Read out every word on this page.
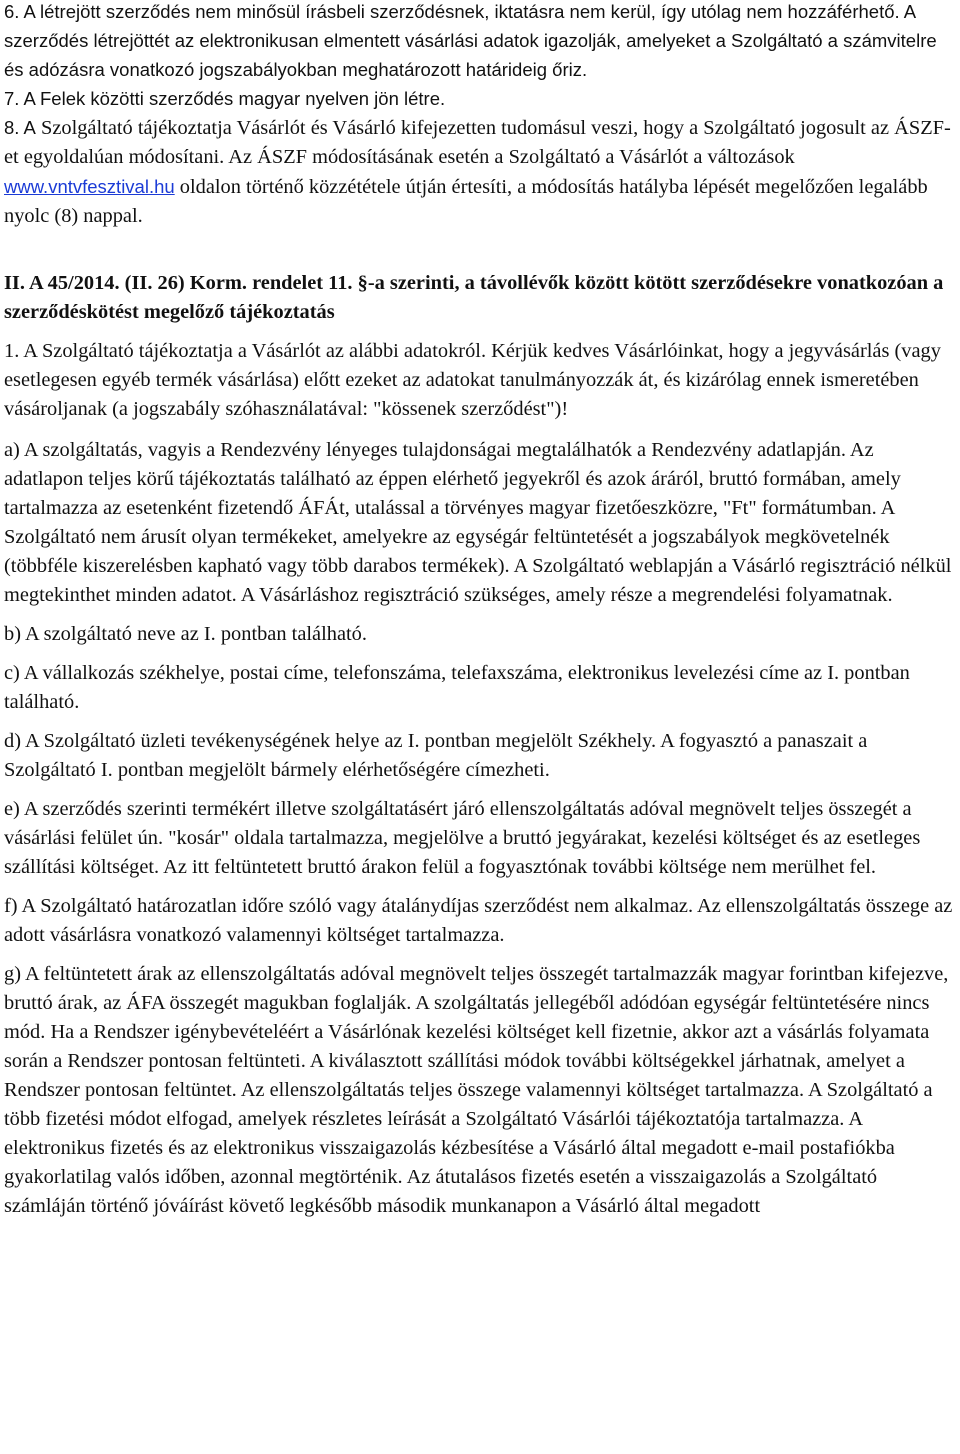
6. A létrejött szerződés nem minősül írásbeli szerződésnek, iktatásra nem kerül, így utólag nem hozzáférhető. A szerződés létrejöttét az elektronikusan elmentett vásárlási adatok igazolják, amelyeket a Szolgáltató a számvitelre és adózásra vonatkozó jogszabályokban meghatározott határideig őriz.

7. A Felek közötti szerződés magyar nyelven jön létre.

8. A Szolgáltató tájékoztatja Vásárlót és Vásárló kifejezetten tudomásul veszi, hogy a Szolgáltató jogosult az ÁSZF-et egyoldalúan módosítani. Az ÁSZF módosításának esetén a Szolgáltató a Vásárlót a változások www.vntvfesztival.hu oldalon történő közzététele útján értesíti, a módosítás hatályba lépését megelőzően legalább nyolc (8) nappal.

II. A 45/2014. (II. 26) Korm. rendelet 11. §-a szerinti, a távollévők között kötött szerződésekre vonatkozóan a szerződéskötést megelőző tájékoztatás

1. A Szolgáltató tájékoztatja a Vásárlót az alábbi adatokról. Kérjük kedves Vásárlóinkat, hogy a jegyvásárlás (vagy esetlegesen egyéb termék vásárlása) előtt ezeket az adatokat tanulmányozzák át, és kizárólag ennek ismeretében vásároljanak (a jogszabály szóhasználatával: "kössenek szerződést")!

a) A szolgáltatás, vagyis a Rendezvény lényeges tulajdonságai megtalálhatók a Rendezvény adatlapján. Az adatlapon teljes körű tájékoztatás található az éppen elérhető jegyekről és azok áráról, bruttó formában, amely tartalmazza az esetenként fizetendő ÁFÁt, utalással a törvényes magyar fizetőeszközre, "Ft" formátumban. A Szolgáltató nem árusít olyan termékeket, amelyekre az egységár feltüntetését a jogszabályok megkövetelnék (többféle kiszerelésben kapható vagy több darabos termékek). A Szolgáltató weblapján a Vásárló regisztráció nélkül megtekinthet minden adatot. A Vásárláshoz regisztráció szükséges, amely része a megrendelési folyamatnak.

b) A szolgáltató neve az I. pontban található.

c) A vállalkozás székhelye, postai címe, telefonszáma, telefaxszáma, elektronikus levelezési címe az I. pontban található.

d) A Szolgáltató üzleti tevékenységének helye az I. pontban megjelölt Székhely. A fogyasztó a panaszait a Szolgáltató I. pontban megjelölt bármely elérhetőségére címezheti.

e) A szerződés szerinti termékért illetve szolgáltatásért járó ellenszolgáltatás adóval megnövelt teljes összegét a vásárlási felület ún. "kosár" oldala tartalmazza, megjelölve a bruttó jegyárakat, kezelési költséget és az esetleges szállítási költséget. Az itt feltüntetett bruttó árakon felül a fogyasztónak további költsége nem merülhet fel.

f) A Szolgáltató határozatlan időre szóló vagy átalánydíjas szerződést nem alkalmaz. Az ellenszolgáltatás összege az adott vásárlásra vonatkozó valamennyi költséget tartalmazza.

g) A feltüntetett árak az ellenszolgáltatás adóval megnövelt teljes összegét tartalmazzák magyar forintban kifejezve, bruttó árak, az ÁFA összegét magukban foglalják. A szolgáltatás jellegéből adódóan egységár feltüntetésére nincs mód. Ha a Rendszer igénybevételéért a Vásárlónak kezelési költséget kell fizetnie, akkor azt a vásárlás folyamata során a Rendszer pontosan feltünteti. A kiválasztott szállítási módok további költségekkel járhatnak, amelyet a Rendszer pontosan feltüntet. Az ellenszolgáltatás teljes összege valamennyi költséget tartalmazza. A Szolgáltató a több fizetési módot elfogad, amelyek részletes leírását a Szolgáltató Vásárlói tájékoztatója tartalmazza. A elektronikus fizetés és az elektronikus visszaigazolás kézbesítése a Vásárló által megadott e-mail postafiókba gyakorlatilag valós időben, azonnal megtörténik. Az átutalásos fizetés esetén a visszaigazolás a Szolgáltató számláján történő jóváírást követő legkésőbb második munkanapon a Vásárló által megadott
